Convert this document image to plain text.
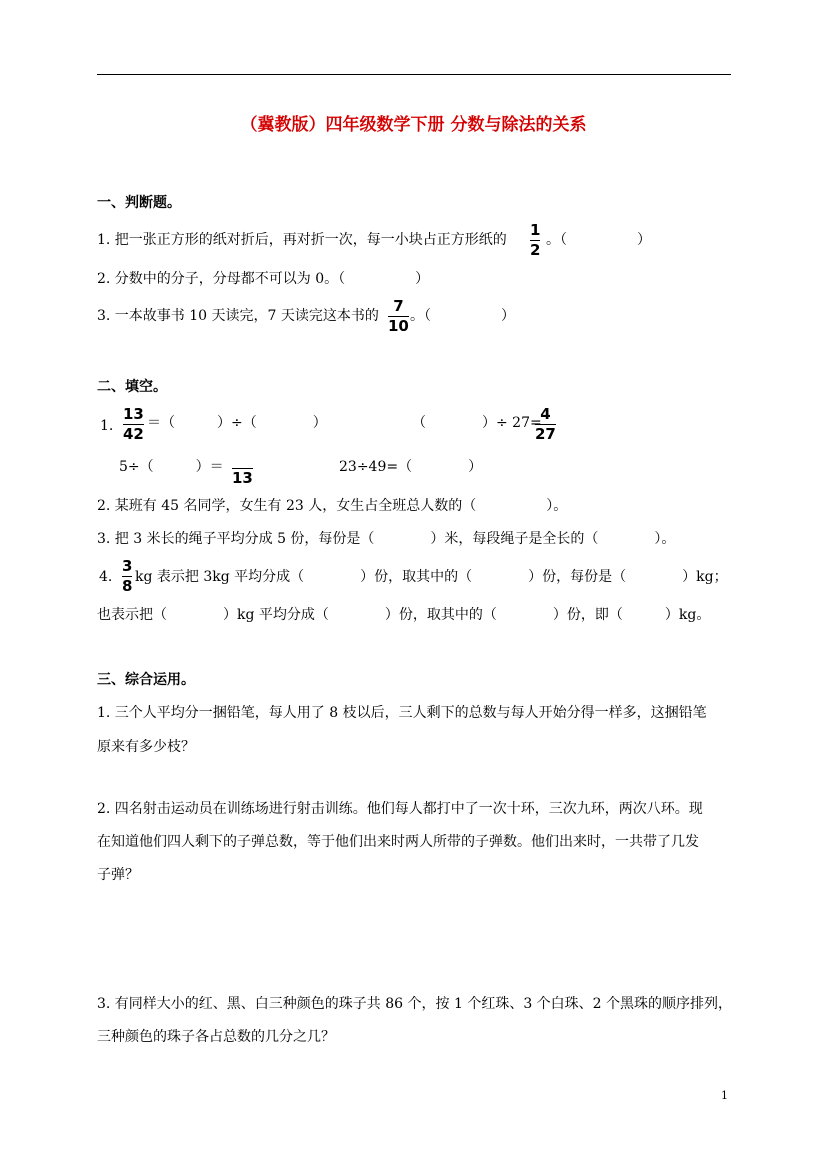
（冀教版）四年级数学下册 分数与除法的关系
一、判断题。
1. 把一张正方形的纸对折后，再对折一次，每一小块占正方形纸的
1
2
。（　　　　　）
2. 分数中的分子，分母都不可以为 0。（　　　　　）
3. 一本故事书 10 天读完，7 天读完这本书的
7
10
。（　　　　　）
二、填空。
1.
13
42
＝（　　　）÷（　　　　）	（　　　　）÷ 27=
4
27
5÷（　　　）＝

13
23÷49=（　　　　）
2. 某班有 45 名同学，女生有 23 人，女生占全班总人数的（　　　　　）。
3. 把 3 米长的绳子平均分成 5 份，每份是（　　　　）米，每段绳子是全长的（　　　　）。
4.
3
8 kg 表示把 3kg 平均分成（　　　　）份，取其中的（　　　　）份，每份是（　　　　）kg；
也表示把（　　　　）kg 平均分成（　　　　）份，取其中的（　　　　）份，即（　　　）kg。
三、综合运用。
1. 三个人平均分一捆铅笔，每人用了 8 枝以后，三人剩下的总数与每人开始分得一样多，这捆铅笔
原来有多少枝？
2. 四名射击运动员在训练场进行射击训练。他们每人都打中了一次十环，三次九环，两次八环。现
在知道他们四人剩下的子弹总数，等于他们出来时两人所带的子弹数。他们出来时，一共带了几发
子弹？
3. 有同样大小的红、黑、白三种颜色的珠子共 86 个，按 1 个红珠、3 个白珠、2 个黑珠的顺序排列，
三种颜色的珠子各占总数的几分之几？
1
